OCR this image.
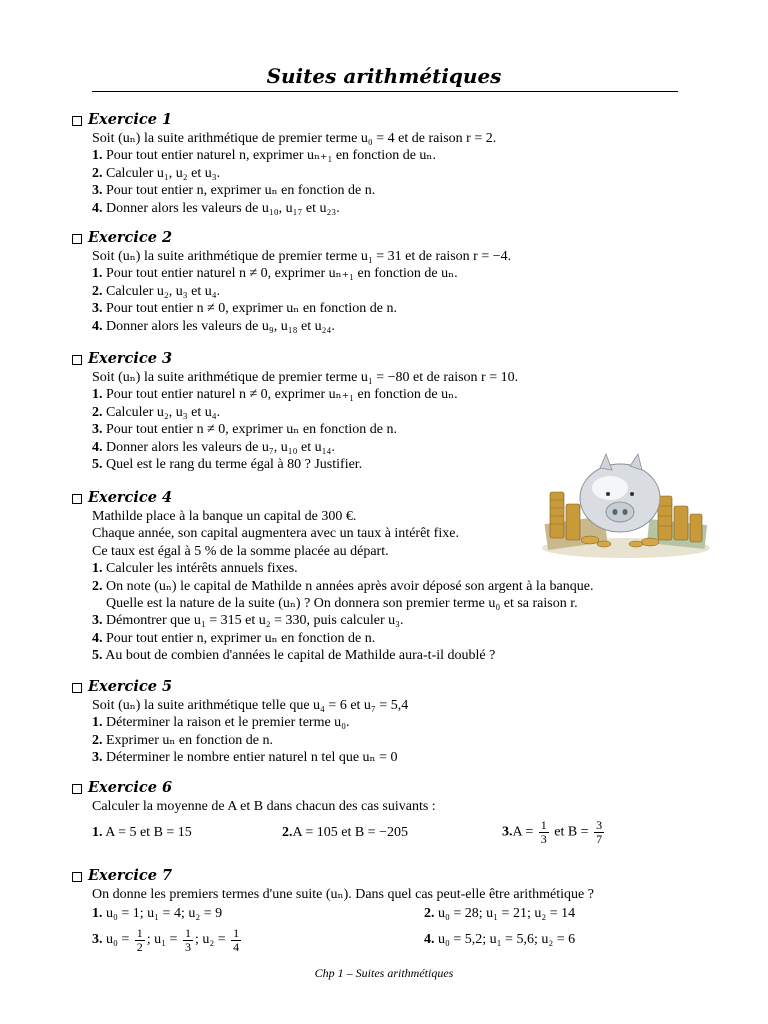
Suites arithmétiques
Exercice 1
Soit (uₙ) la suite arithmétique de premier terme u₀ = 4 et de raison r = 2.
1. Pour tout entier naturel n, exprimer uₙ₊₁ en fonction de uₙ.
2. Calculer u₁, u₂ et u₃.
3. Pour tout entier n, exprimer uₙ en fonction de n.
4. Donner alors les valeurs de u₁₀, u₁₇ et u₂₃.
Exercice 2
Soit (uₙ) la suite arithmétique de premier terme u₁ = 31 et de raison r = −4.
1. Pour tout entier naturel n ≠ 0, exprimer uₙ₊₁ en fonction de uₙ.
2. Calculer u₂, u₃ et u₄.
3. Pour tout entier n ≠ 0, exprimer uₙ en fonction de n.
4. Donner alors les valeurs de u₉, u₁₈ et u₂₄.
Exercice 3
Soit (uₙ) la suite arithmétique de premier terme u₁ = −80 et de raison r = 10.
1. Pour tout entier naturel n ≠ 0, exprimer uₙ₊₁ en fonction de uₙ.
2. Calculer u₂, u₃ et u₄.
3. Pour tout entier n ≠ 0, exprimer uₙ en fonction de n.
4. Donner alors les valeurs de u₇, u₁₀ et u₁₄.
5. Quel est le rang du terme égal à 80 ? Justifier.
Exercice 4
Mathilde place à la banque un capital de 300 €.
Chaque année, son capital augmentera avec un taux à intérêt fixe.
Ce taux est égal à 5 % de la somme placée au départ.
1. Calculer les intérêts annuels fixes.
2. On note (uₙ) le capital de Mathilde n années après avoir déposé son argent à la banque.
Quelle est la nature de la suite (uₙ) ? On donnera son premier terme u₀ et sa raison r.
3. Démontrer que u₁ = 315 et u₂ = 330, puis calculer u₃.
4. Pour tout entier n, exprimer uₙ en fonction de n.
5. Au bout de combien d'années le capital de Mathilde aura-t-il doublé ?
Exercice 5
Soit (uₙ) la suite arithmétique telle que u₄ = 6 et u₇ = 5,4
1. Déterminer la raison et le premier terme u₀.
2. Exprimer uₙ en fonction de n.
3. Déterminer le nombre entier naturel n tel que uₙ = 0
Exercice 6
Calculer la moyenne de A et B dans chacun des cas suivants :
1. A = 5 et B = 15	2.A = 105 et B = −205	$3.A = \frac{1}{3}$ et $B = \frac{3}{7}$
Exercice 7
On donne les premiers termes d'une suite (uₙ). Dans quel cas peut-elle être arithmétique ?
1. u₀ = 1; u₁ = 4; u₂ = 9	2. u₀ = 28; u₁ = 21; u₂ = 14
3. $u_0 = \frac{1}{2}$ ; $u_1 = \frac{1}{3}$ ; $u_2 = \frac{1}{4}$	4. u₀ = 5,2; u₁ = 5,6; u₂ = 6
Chp 1 – Suites arithmétiques
